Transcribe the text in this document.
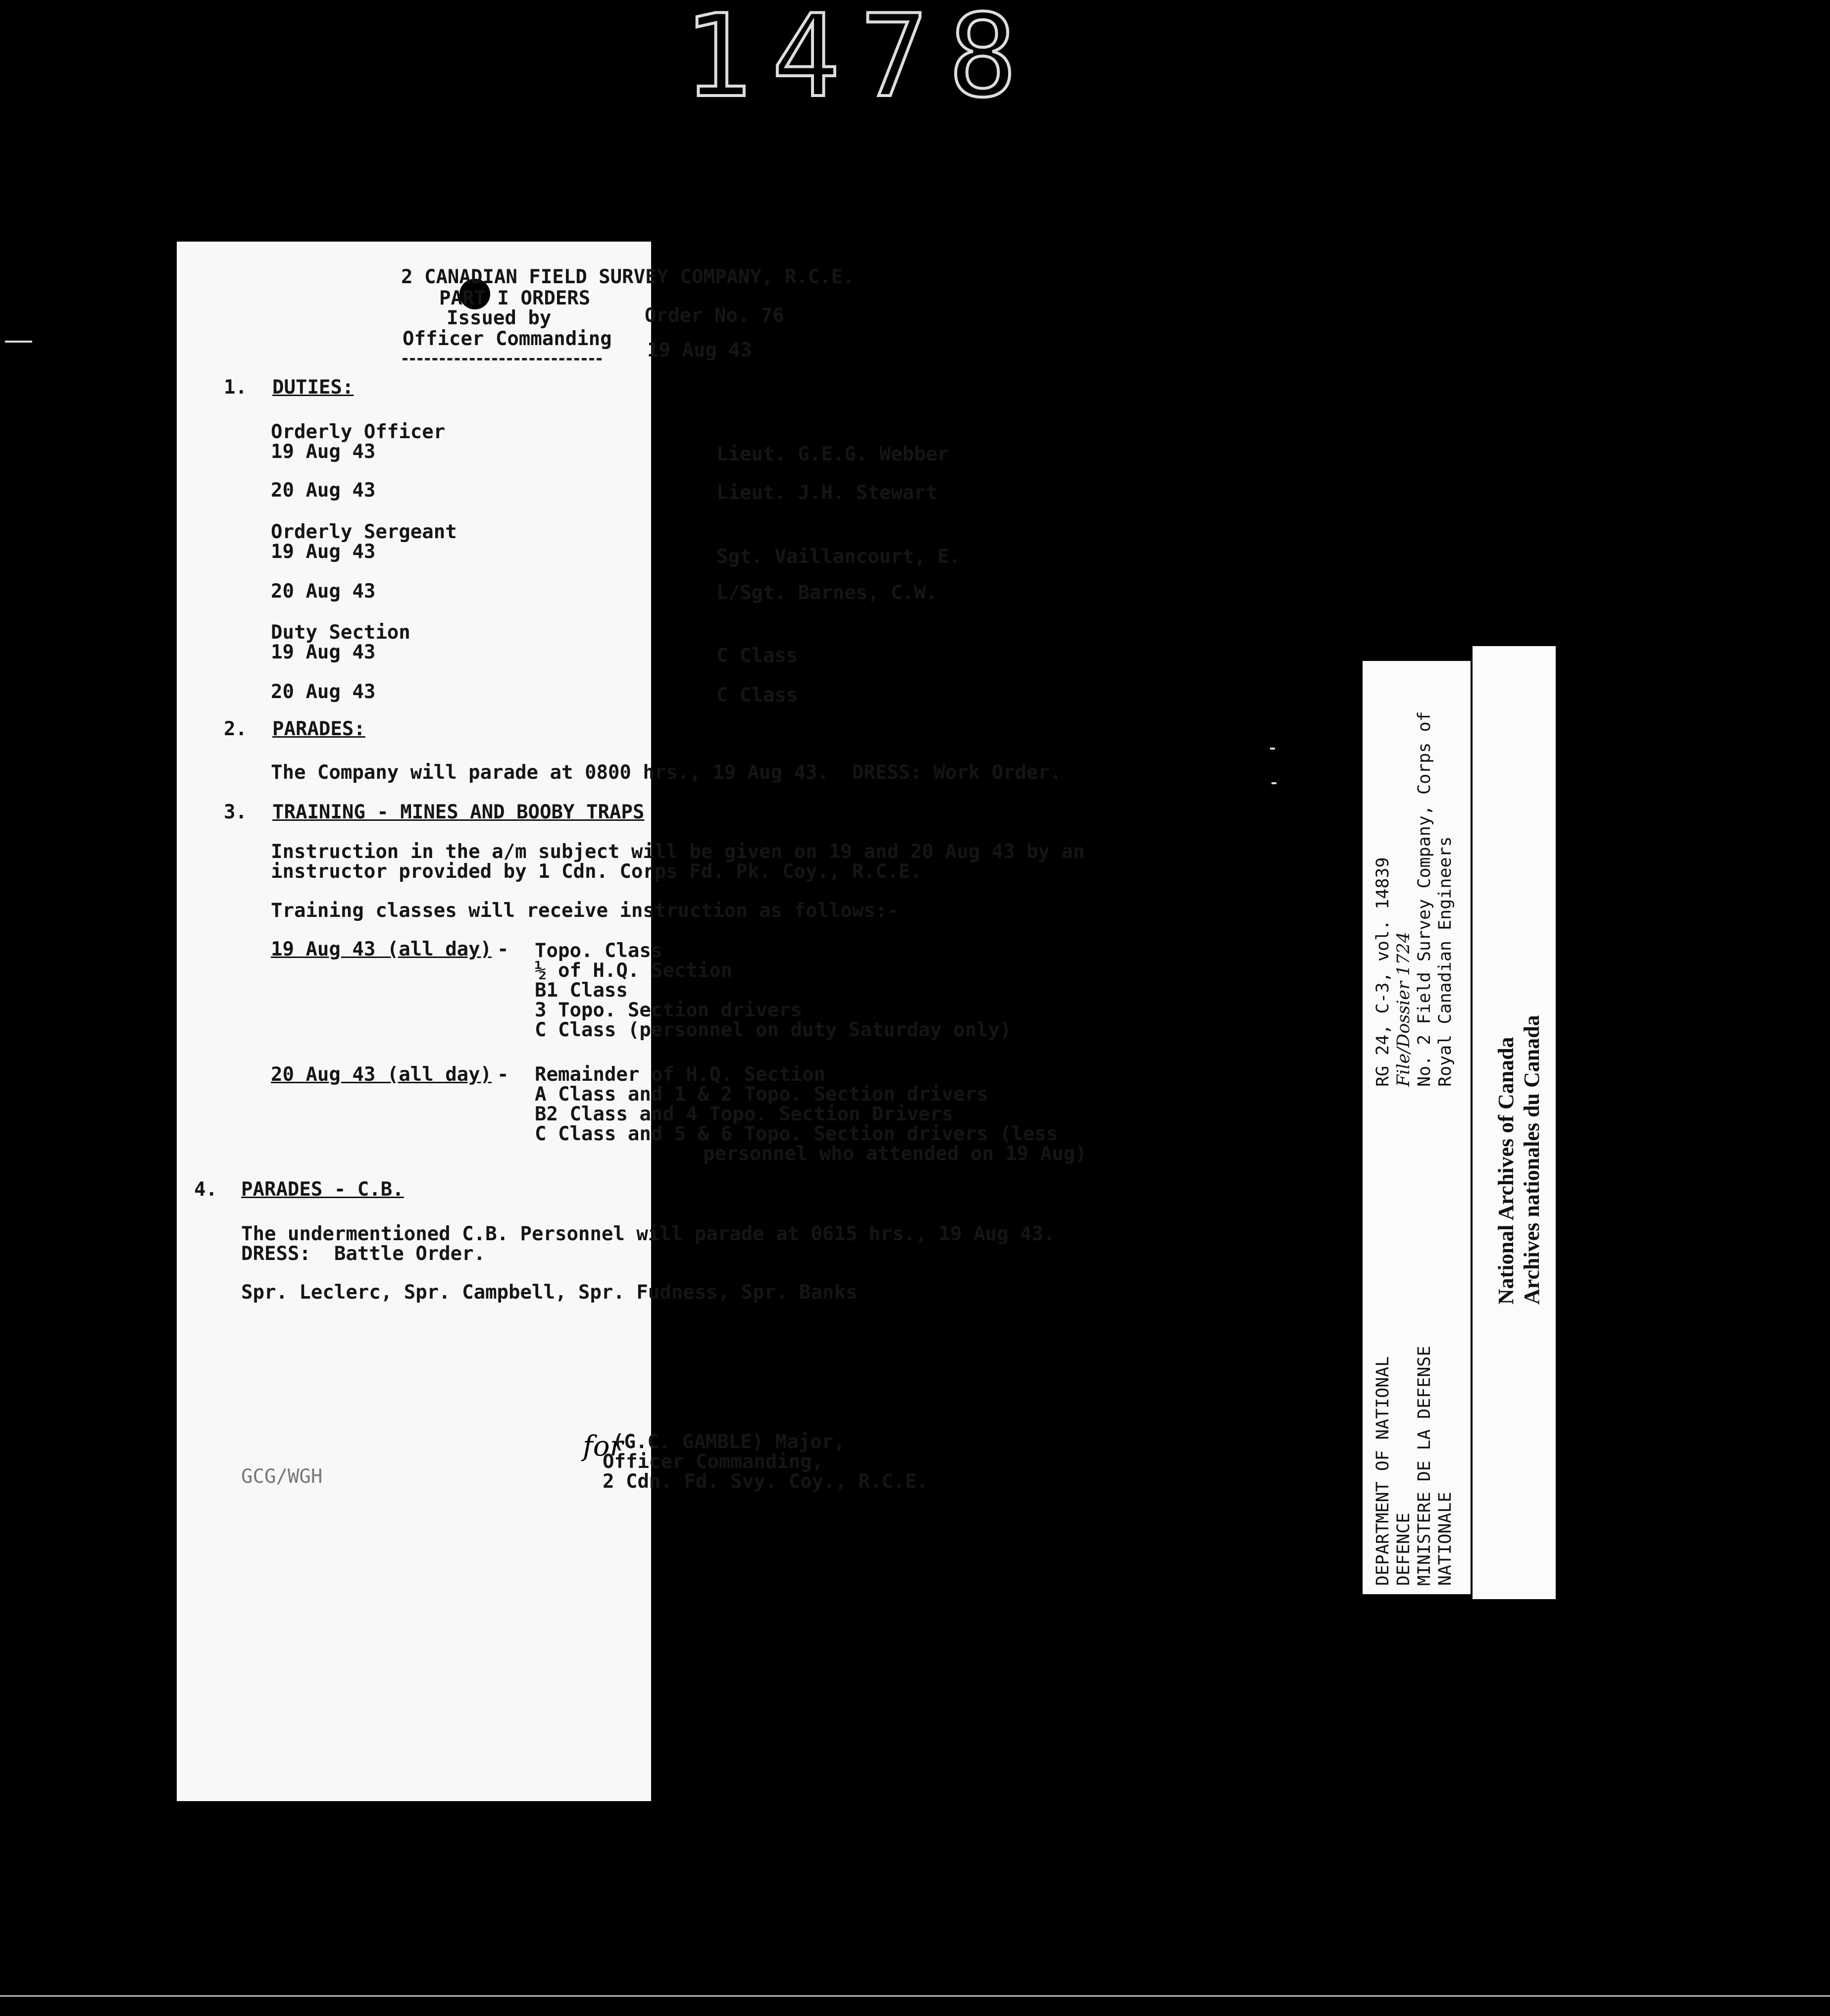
1478
2 CANADIAN FIELD SURVEY COMPANY, R.C.E.
PART I ORDERS
Issued by
Officer Commanding
Order No. 76
19 Aug 43
1. DUTIES:
Orderly Officer
19 Aug 43	Lieut. G.E.G. Webber
20 Aug 43	Lieut. J.H. Stewart
Orderly Sergeant
19 Aug 43	Sgt. Vaillancourt, E.
20 Aug 43	L/Sgt. Barnes, C.W.
Duty Section
19 Aug 43	C Class
20 Aug 43	C Class
2. PARADES:
The Company will parade at 0800 hrs., 19 Aug 43.  DRESS: Work Order.
3. TRAINING - MINES AND BOOBY TRAPS
Instruction in the a/m subject will be given on 19 and 20 Aug 43 by an
instructor provided by 1 Cdn. Corps Fd. Pk. Coy., R.C.E.
Training classes will receive instruction as follows:-
19 Aug 43 (all day) - Topo. Class
½ of H.Q. Section (to be detailed  by CSM)
B1 Class
3 Topo. Section drivers
C Class (personnel on duty Saturday only)
20 Aug 43 (all day) - Remainder of H.Q. Section
A Class and 1 & 2 Topo. Section drivers
B2 Class and 4 Topo. Section Drivers
C Class and 5 & 6 Topo. Section drivers (less
personnel who attended on 19 Aug)
4. PARADES - C.B.
The undermentioned C.B. Personnel will parade at 0615 hrs., 19 Aug 43.
DRESS:  Battle Order.
Spr. Leclerc, Spr. Campbell, Spr. Fudness, Spr. Banks
T C Keefe Capt
for
(G.C. GAMBLE) Major,
Officer Commanding,
2 Cdn. Fd. Svy. Coy., R.C.E.
GCG/WGH
RG 24, C-3, vol. 14839 File/Dossier 1724 No. 2 Field Survey Company, Corps of Royal Canadian Engineers
DEPARTMENT OF NATIONAL DEFENCE MINISTERE DE LA DEFENSE NATIONALE
National Archives of Canada Archives nationales du Canada
